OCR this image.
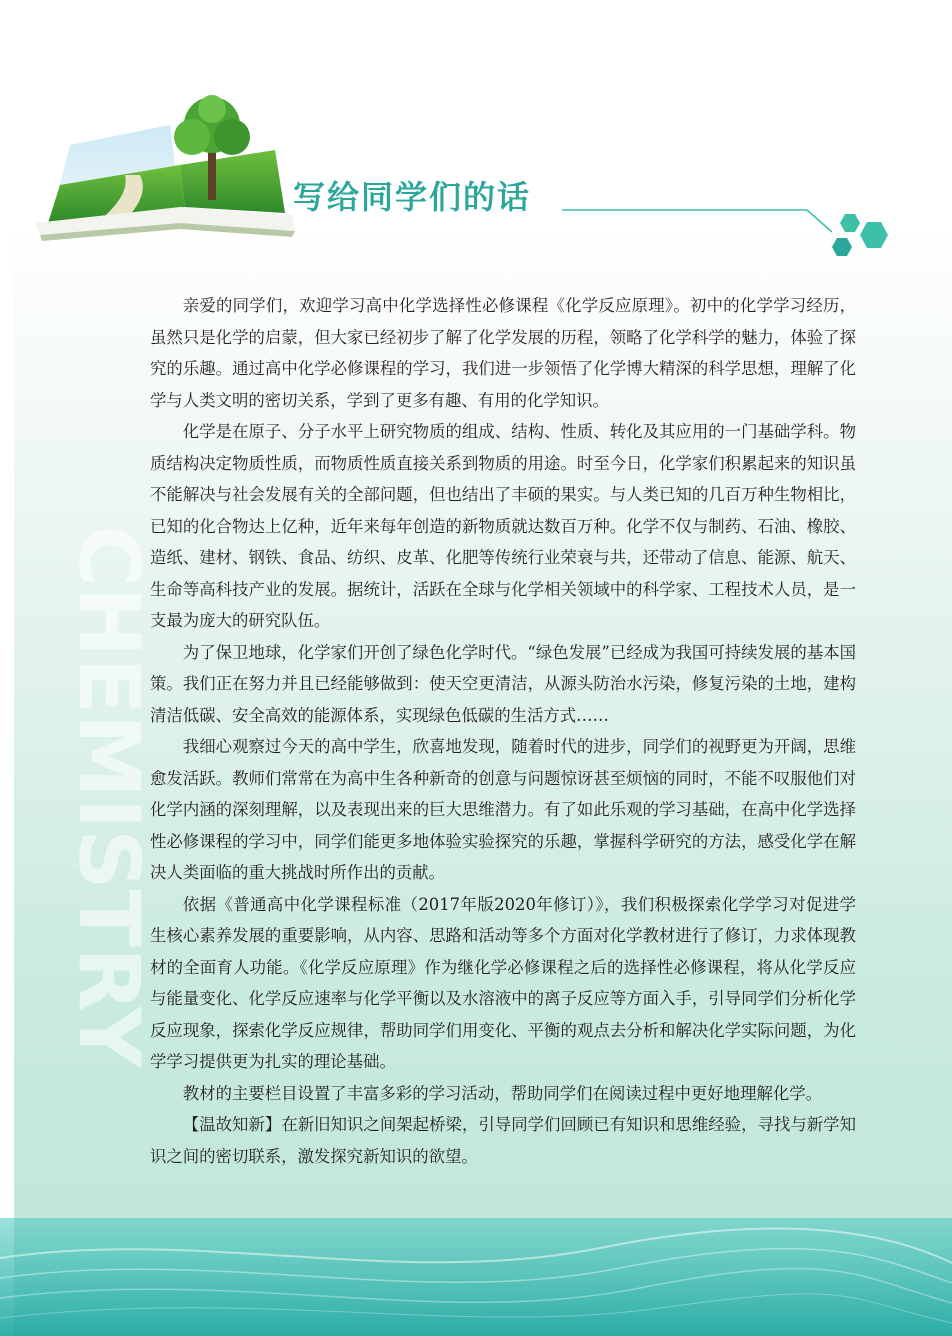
CHEMISTRY
写给同学们的话

亲爱的同学们，欢迎学习高中化学选择性必修课程《化学反应原理》。初中的化学学习经历，虽然只是化学的启蒙，但大家已经初步了解了化学发展的历程，领略了化学科学的魅力，体验了探究的乐趣。通过高中化学必修课程的学习，我们进一步领悟了化学博大精深的科学思想，理解了化学与人类文明的密切关系，学到了更多有趣、有用的化学知识。

化学是在原子、分子水平上研究物质的组成、结构、性质、转化及其应用的一门基础学科。物质结构决定物质性质，而物质性质直接关系到物质的用途。时至今日，化学家们积累起来的知识虽不能解决与社会发展有关的全部问题，但也结出了丰硕的果实。与人类已知的几百万种生物相比，已知的化合物达上亿种，近年来每年创造的新物质就达数百万种。化学不仅与制药、石油、橡胶、造纸、建材、钢铁、食品、纺织、皮革、化肥等传统行业荣衰与共，还带动了信息、能源、航天、生命等高科技产业的发展。据统计，活跃在全球与化学相关领域中的科学家、工程技术人员，是一支最为庞大的研究队伍。

为了保卫地球，化学家们开创了绿色化学时代。“绿色发展”已经成为我国可持续发展的基本国策。我们正在努力并且已经能够做到：使天空更清洁，从源头防治水污染，修复污染的土地，建构清洁低碳、安全高效的能源体系，实现绿色低碳的生活方式……

我细心观察过今天的高中学生，欣喜地发现，随着时代的进步，同学们的视野更为开阔，思维愈发活跃。教师们常常在为高中生各种新奇的创意与问题惊讶甚至烦恼的同时，不能不叹服他们对化学内涵的深刻理解，以及表现出来的巨大思维潜力。有了如此乐观的学习基础，在高中化学选择性必修课程的学习中，同学们能更多地体验实验探究的乐趣，掌握科学研究的方法，感受化学在解决人类面临的重大挑战时所作出的贡献。

依据《普通高中化学课程标准（2017年版2020年修订）》，我们积极探索化学学习对促进学生核心素养发展的重要影响，从内容、思路和活动等多个方面对化学教材进行了修订，力求体现教材的全面育人功能。《化学反应原理》作为继化学必修课程之后的选择性必修课程，将从化学反应与能量变化、化学反应速率与化学平衡以及水溶液中的离子反应等方面入手，引导同学们分析化学反应现象，探索化学反应规律，帮助同学们用变化、平衡的观点去分析和解决化学实际问题，为化学学习提供更为扎实的理论基础。

教材的主要栏目设置了丰富多彩的学习活动，帮助同学们在阅读过程中更好地理解化学。

【温故知新】在新旧知识之间架起桥梁，引导同学们回顾已有知识和思维经验，寻找与新学知识之间的密切联系，激发探究新知识的欲望。
